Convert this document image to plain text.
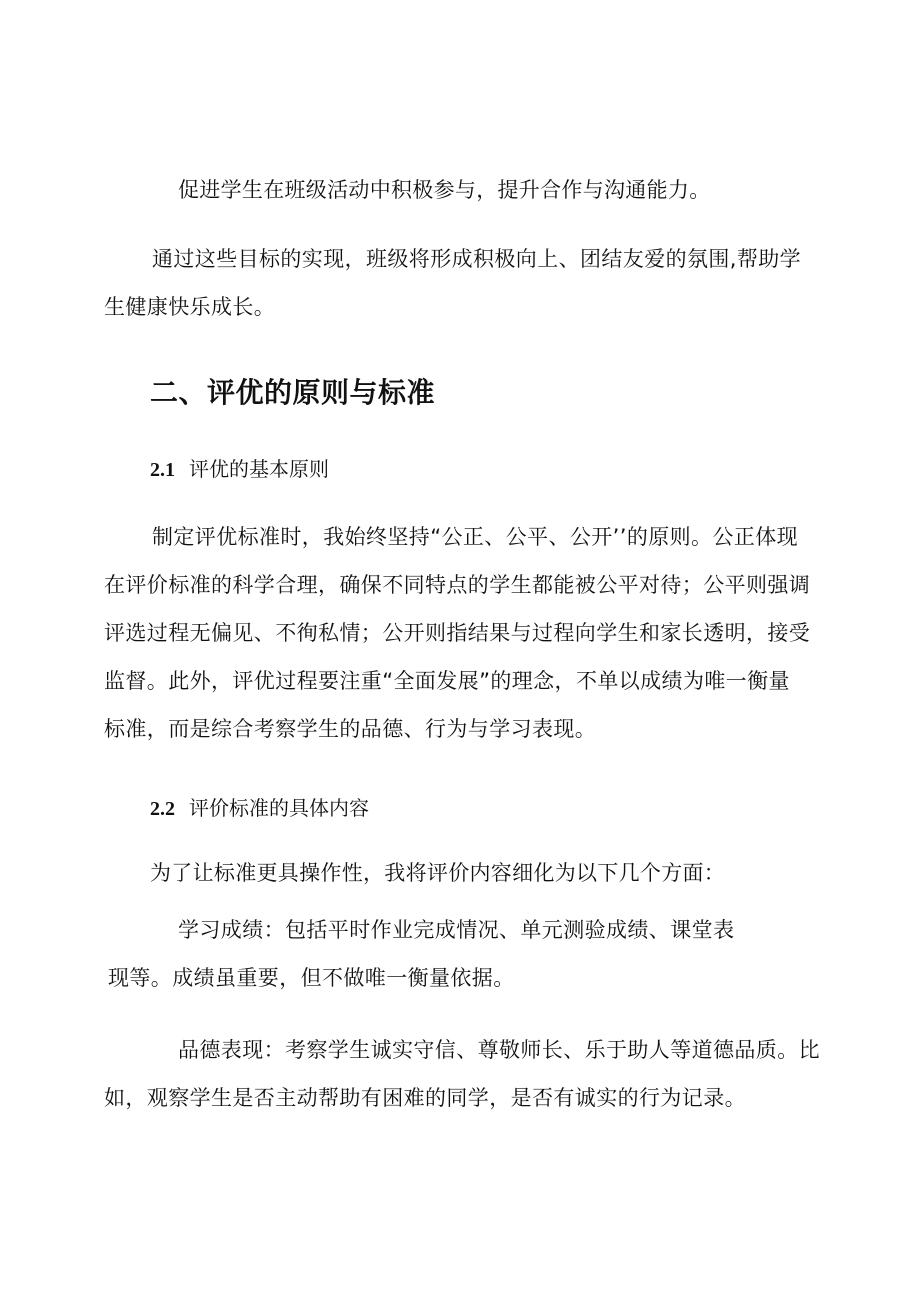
促进学生在班级活动中积极参与，提升合作与沟通能力。

通过这些目标的实现，班级将形成积极向上、团结友爱的氛围,帮助学
生健康快乐成长。
二、评优的原则与标准
2.1 评优的基本原则
制定评优标准时，我始终坚持“公正、公平、公开’’的原则。公正体现
在评价标准的科学合理，确保不同特点的学生都能被公平对待；公平则强调
评选过程无偏见、不徇私情；公开则指结果与过程向学生和家长透明，接受
监督。此外，评优过程要注重“全面发展”的理念，不单以成绩为唯一衡量
标准，而是综合考察学生的品德、行为与学习表现。
2.2 评价标准的具体内容

为了让标准更具操作性，我将评价内容细化为以下几个方面：

学习成绩：包括平时作业完成情况、单元测验成绩、课堂表
现等。成绩虽重要，但不做唯一衡量依据。
品德表现：考察学生诚实守信、尊敬师长、乐于助人等道德品质。比
如，观察学生是否主动帮助有困难的同学，是否有诚实的行为记录。
